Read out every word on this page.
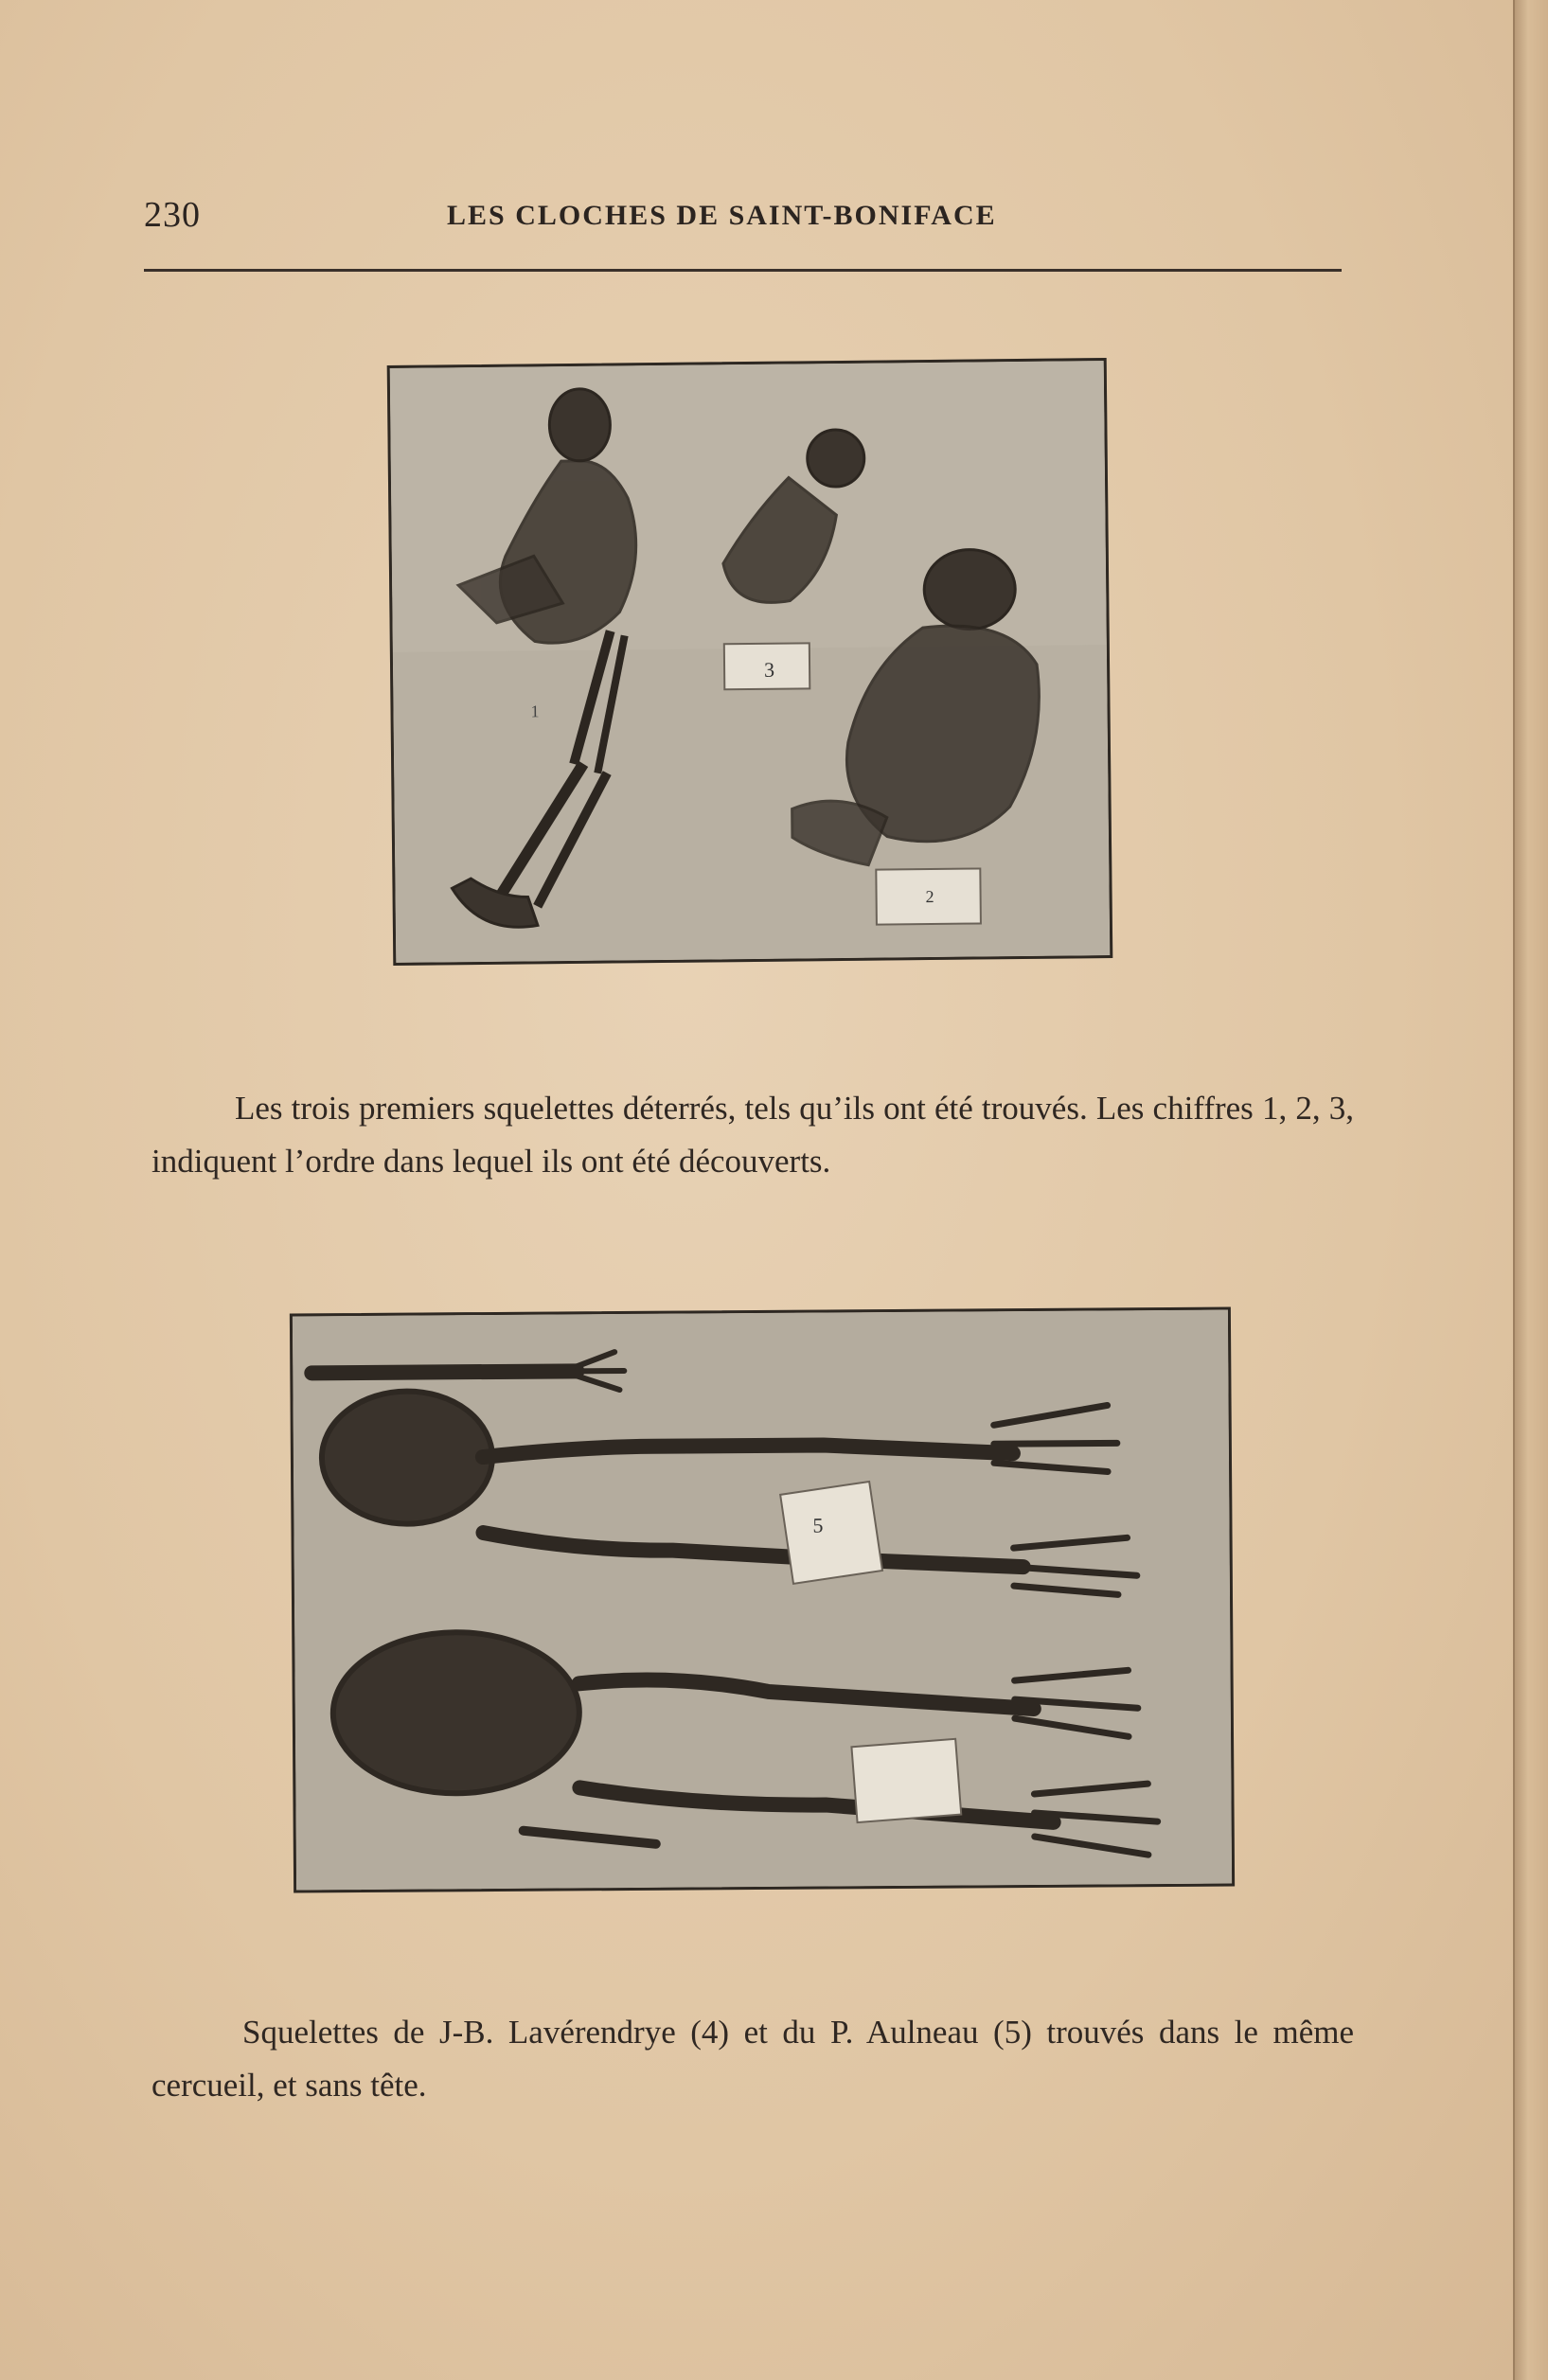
230	LES CLOCHES DE SAINT-BONIFACE
3
1
2

Les trois premiers squelettes déterrés, tels qu’ils ont été trouvés. Les chiffres 1, 2, 3, indiquent l’ordre dans lequel ils ont été découverts.

5

Squelettes de J-B. Lavérendrye (4) et du P. Aulneau (5) trouvés dans le même cercueil, et sans tête.
